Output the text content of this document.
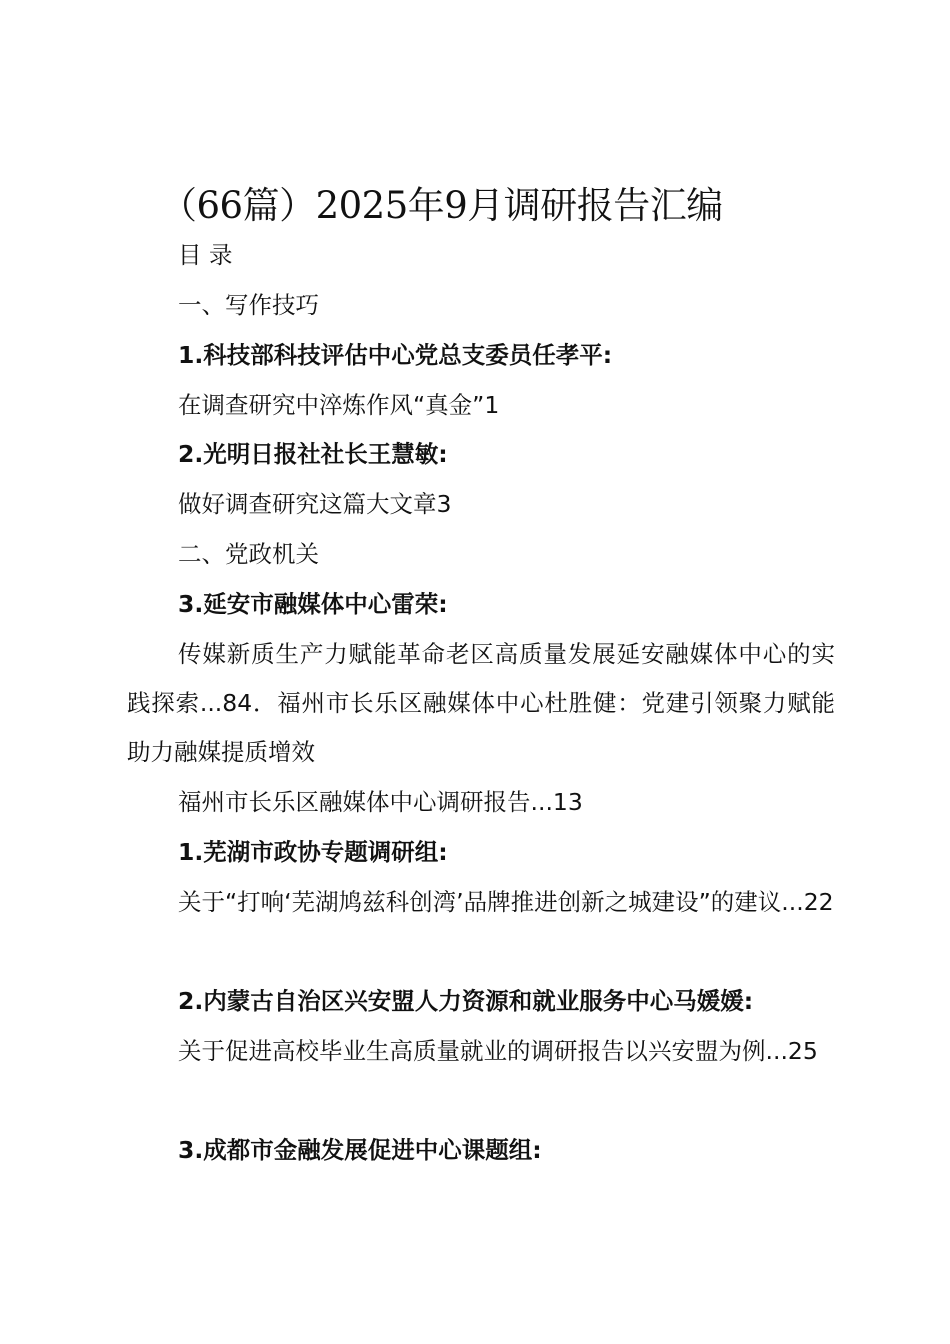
（66篇）2025年9月调研报告汇编
目 录
一、写作技巧
1.科技部科技评估中心党总支委员任孝平:
在调查研究中淬炼作风“真金”1
2.光明日报社社长王慧敏:
做好调查研究这篇大文章3
二、党政机关
3.延安市融媒体中心雷荣:
传媒新质生产力赋能革命老区高质量发展延安融媒体中心的实践探索...84．福州市长乐区融媒体中心杜胜健：党建引领聚力赋能助力融媒提质增效
福州市长乐区融媒体中心调研报告...13
1.芜湖市政协专题调研组:
关于“打响‘芜湖鸠兹科创湾’品牌推进创新之城建设”的建议...22
2.内蒙古自治区兴安盟人力资源和就业服务中心马媛媛:
关于促进高校毕业生高质量就业的调研报告以兴安盟为例...25
3.成都市金融发展促进中心课题组:
